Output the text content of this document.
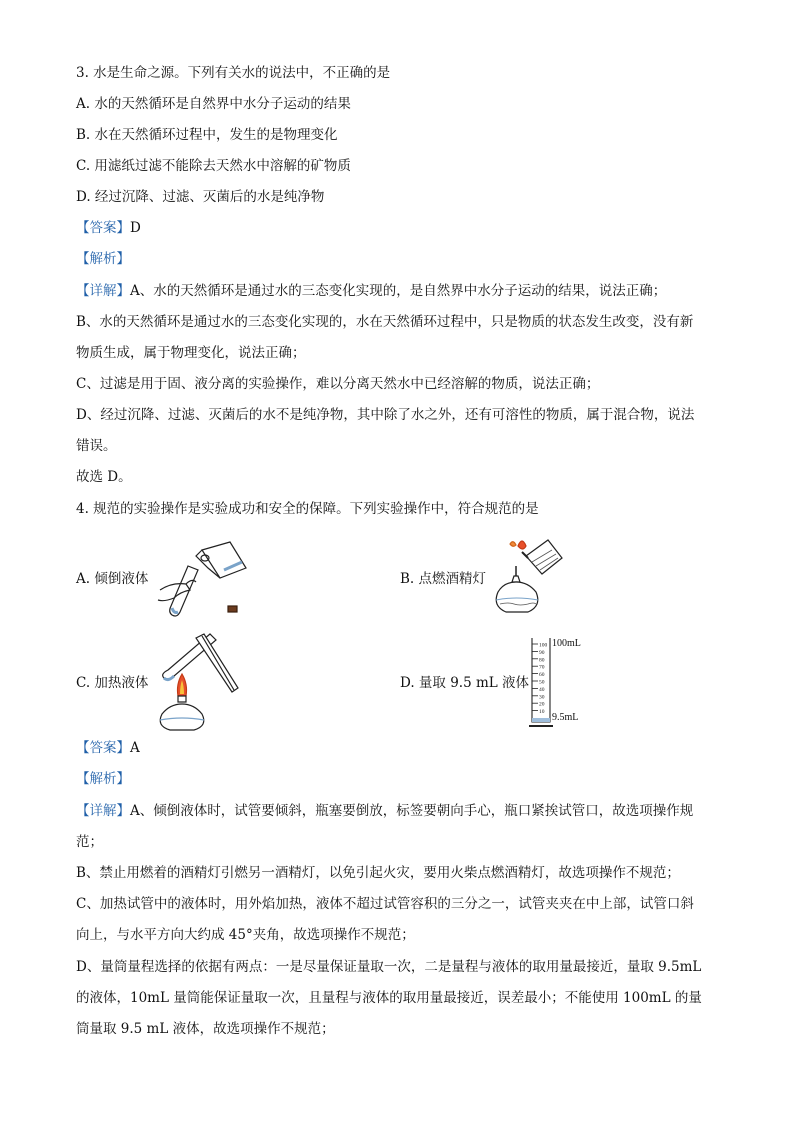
3. 水是生命之源。下列有关水的说法中，不正确的是
A. 水的天然循环是自然界中水分子运动的结果
B. 水在天然循环过程中，发生的是物理变化
C. 用滤纸过滤不能除去天然水中溶解的矿物质
D. 经过沉降、过滤、灭菌后的水是纯净物
【答案】D
【解析】
【详解】A、水的天然循环是通过水的三态变化实现的，是自然界中水分子运动的结果，说法正确；
B、水的天然循环是通过水的三态变化实现的，水在天然循环过程中，只是物质的状态发生改变，没有新
物质生成，属于物理变化，说法正确；
C、过滤是用于固、液分离的实验操作，难以分离天然水中已经溶解的物质，说法正确；
D、经过沉降、过滤、灭菌后的水不是纯净物，其中除了水之外，还有可溶性的物质，属于混合物，说法
错误。
故选 D。
4. 规范的实验操作是实验成功和安全的保障。下列实验操作中，符合规范的是
A. 倾倒液体	B. 点燃酒精灯
C. 加热液体	D. 量取 9.5 mL 液体
100
90
80
70
60
50
40
30
20
10
100mL
9.5mL
【答案】A
【解析】
【详解】A、倾倒液体时，试管要倾斜，瓶塞要倒放，标签要朝向手心，瓶口紧挨试管口，故选项操作规
范；
B、禁止用燃着的酒精灯引燃另一酒精灯，以免引起火灾，要用火柴点燃酒精灯，故选项操作不规范；
C、加热试管中的液体时，用外焰加热，液体不超过试管容积的三分之一，试管夹夹在中上部，试管口斜
向上，与水平方向大约成 45°夹角，故选项操作不规范；
D、量筒量程选择的依据有两点：一是尽量保证量取一次，二是量程与液体的取用量最接近，量取 9.5mL
的液体，10mL 量筒能保证量取一次，且量程与液体的取用量最接近，误差最小；不能使用 100mL 的量
筒量取 9.5 mL 液体，故选项操作不规范；
